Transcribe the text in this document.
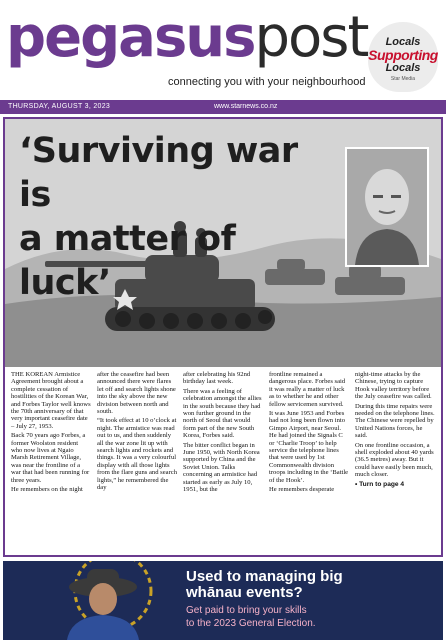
pegasuspost
connecting you with your neighbourhood
Locals
Supporting
Locals
Star Media
THURSDAY, AUGUST 3, 2023	www.starnews.co.nz
‘Surviving war is
a matter of luck’

THE KOREAN Armistice Agreement brought about a complete cessation of hostilities of the Korean War, and Forbes Taylor well knows the 70th anniversary of that very important ceasefire date – July 27, 1953.

Back 70 years ago Forbes, a former Woolston resident who now lives at Ngaio Marsh Retirement Village, was near the frontline of a war that had been running for three years.

He remembers on the night

after the ceasefire had been announced there were flares let off and search lights shone into the sky above the new division between north and south.

“It took effect at 10 o’clock at night. The armistice was read out to us, and then suddenly all the war zone lit up with search lights and rockets and things. It was a very colourful display with all those lights from the flare guns and search lights,” he remembered the day

after celebrating his 92nd birthday last week.

There was a feeling of celebration amongst the allies in the south because they had won further ground in the north of Seoul that would form part of the new South Korea, Forbes said.

The bitter conflict began in June 1950, with North Korea supported by China and the Soviet Union. Talks concerning an armistice had started as early as July 10, 1951, but the

frontline remained a dangerous place. Forbes said it was really a matter of luck as to whether he and other fellow servicemen survived.

It was June 1953 and Forbes had not long been flown into Gimpo Airport, near Seoul. He had joined the Signals C or ‘Charlie Troop’ to help service the telephone lines that were used by 1st Commonwealth division troops including in the ‘Battle of the Hook’.

He remembers desperate

night-time attacks by the Chinese, trying to capture Hook valley territory before the July ceasefire was called.

During this time repairs were needed on the telephone lines. The Chinese were repelled by United Nations forces, he said.

On one frontline occasion, a shell exploded about 40 yards (36.5 metres) away. But it could have easily been much, much closer.

• Turn to page 4

Used to managing big
whānau events?
Get paid to bring your skills
to the 2023 General Election.
